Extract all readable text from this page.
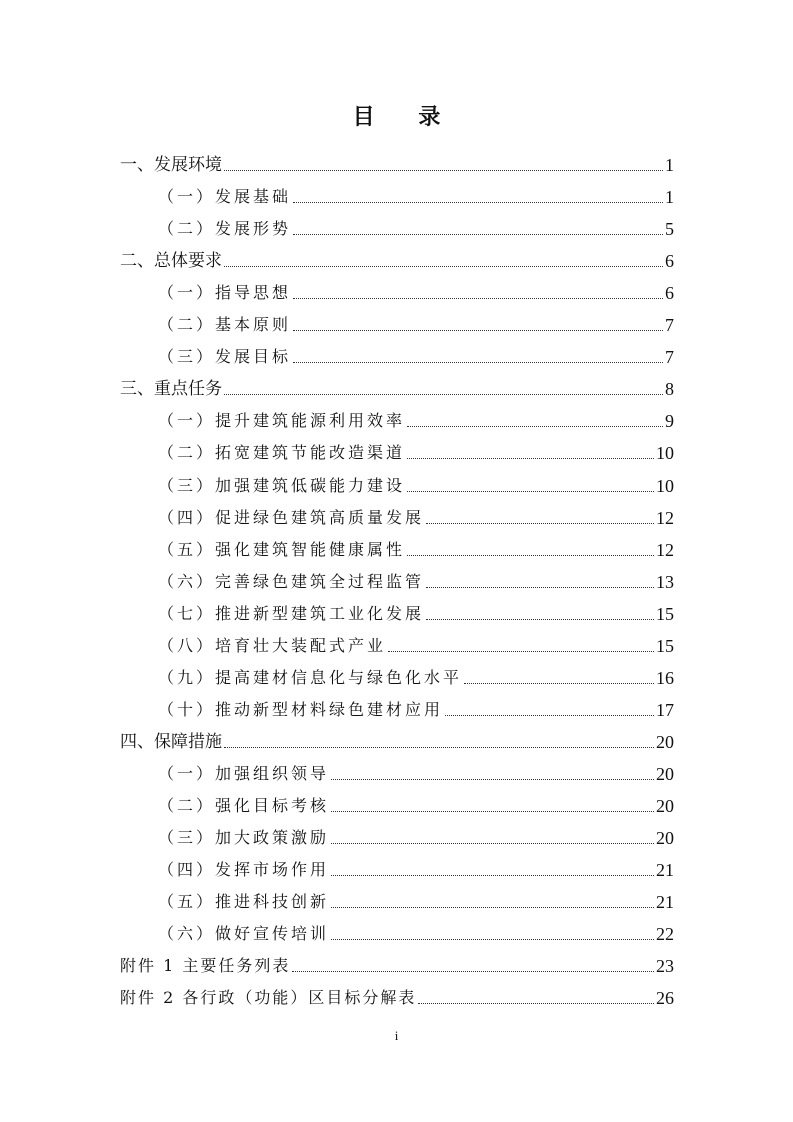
目 录
一、发展环境	1
（一）发展基础	1
（二）发展形势	5
二、总体要求	6
（一）指导思想	6
（二）基本原则	7
（三）发展目标	7
三、重点任务	8
（一）提升建筑能源利用效率	9
（二）拓宽建筑节能改造渠道	10
（三）加强建筑低碳能力建设	10
（四）促进绿色建筑高质量发展	12
（五）强化建筑智能健康属性	12
（六）完善绿色建筑全过程监管	13
（七）推进新型建筑工业化发展	15
（八）培育壮大装配式产业	15
（九）提高建材信息化与绿色化水平	16
（十）推动新型材料绿色建材应用	17
四、保障措施	20
（一）加强组织领导	20
（二）强化目标考核	20
（三）加大政策激励	20
（四）发挥市场作用	21
（五）推进科技创新	21
（六）做好宣传培训	22
附件 1 主要任务列表	23
附件 2 各行政（功能）区目标分解表	26
i
